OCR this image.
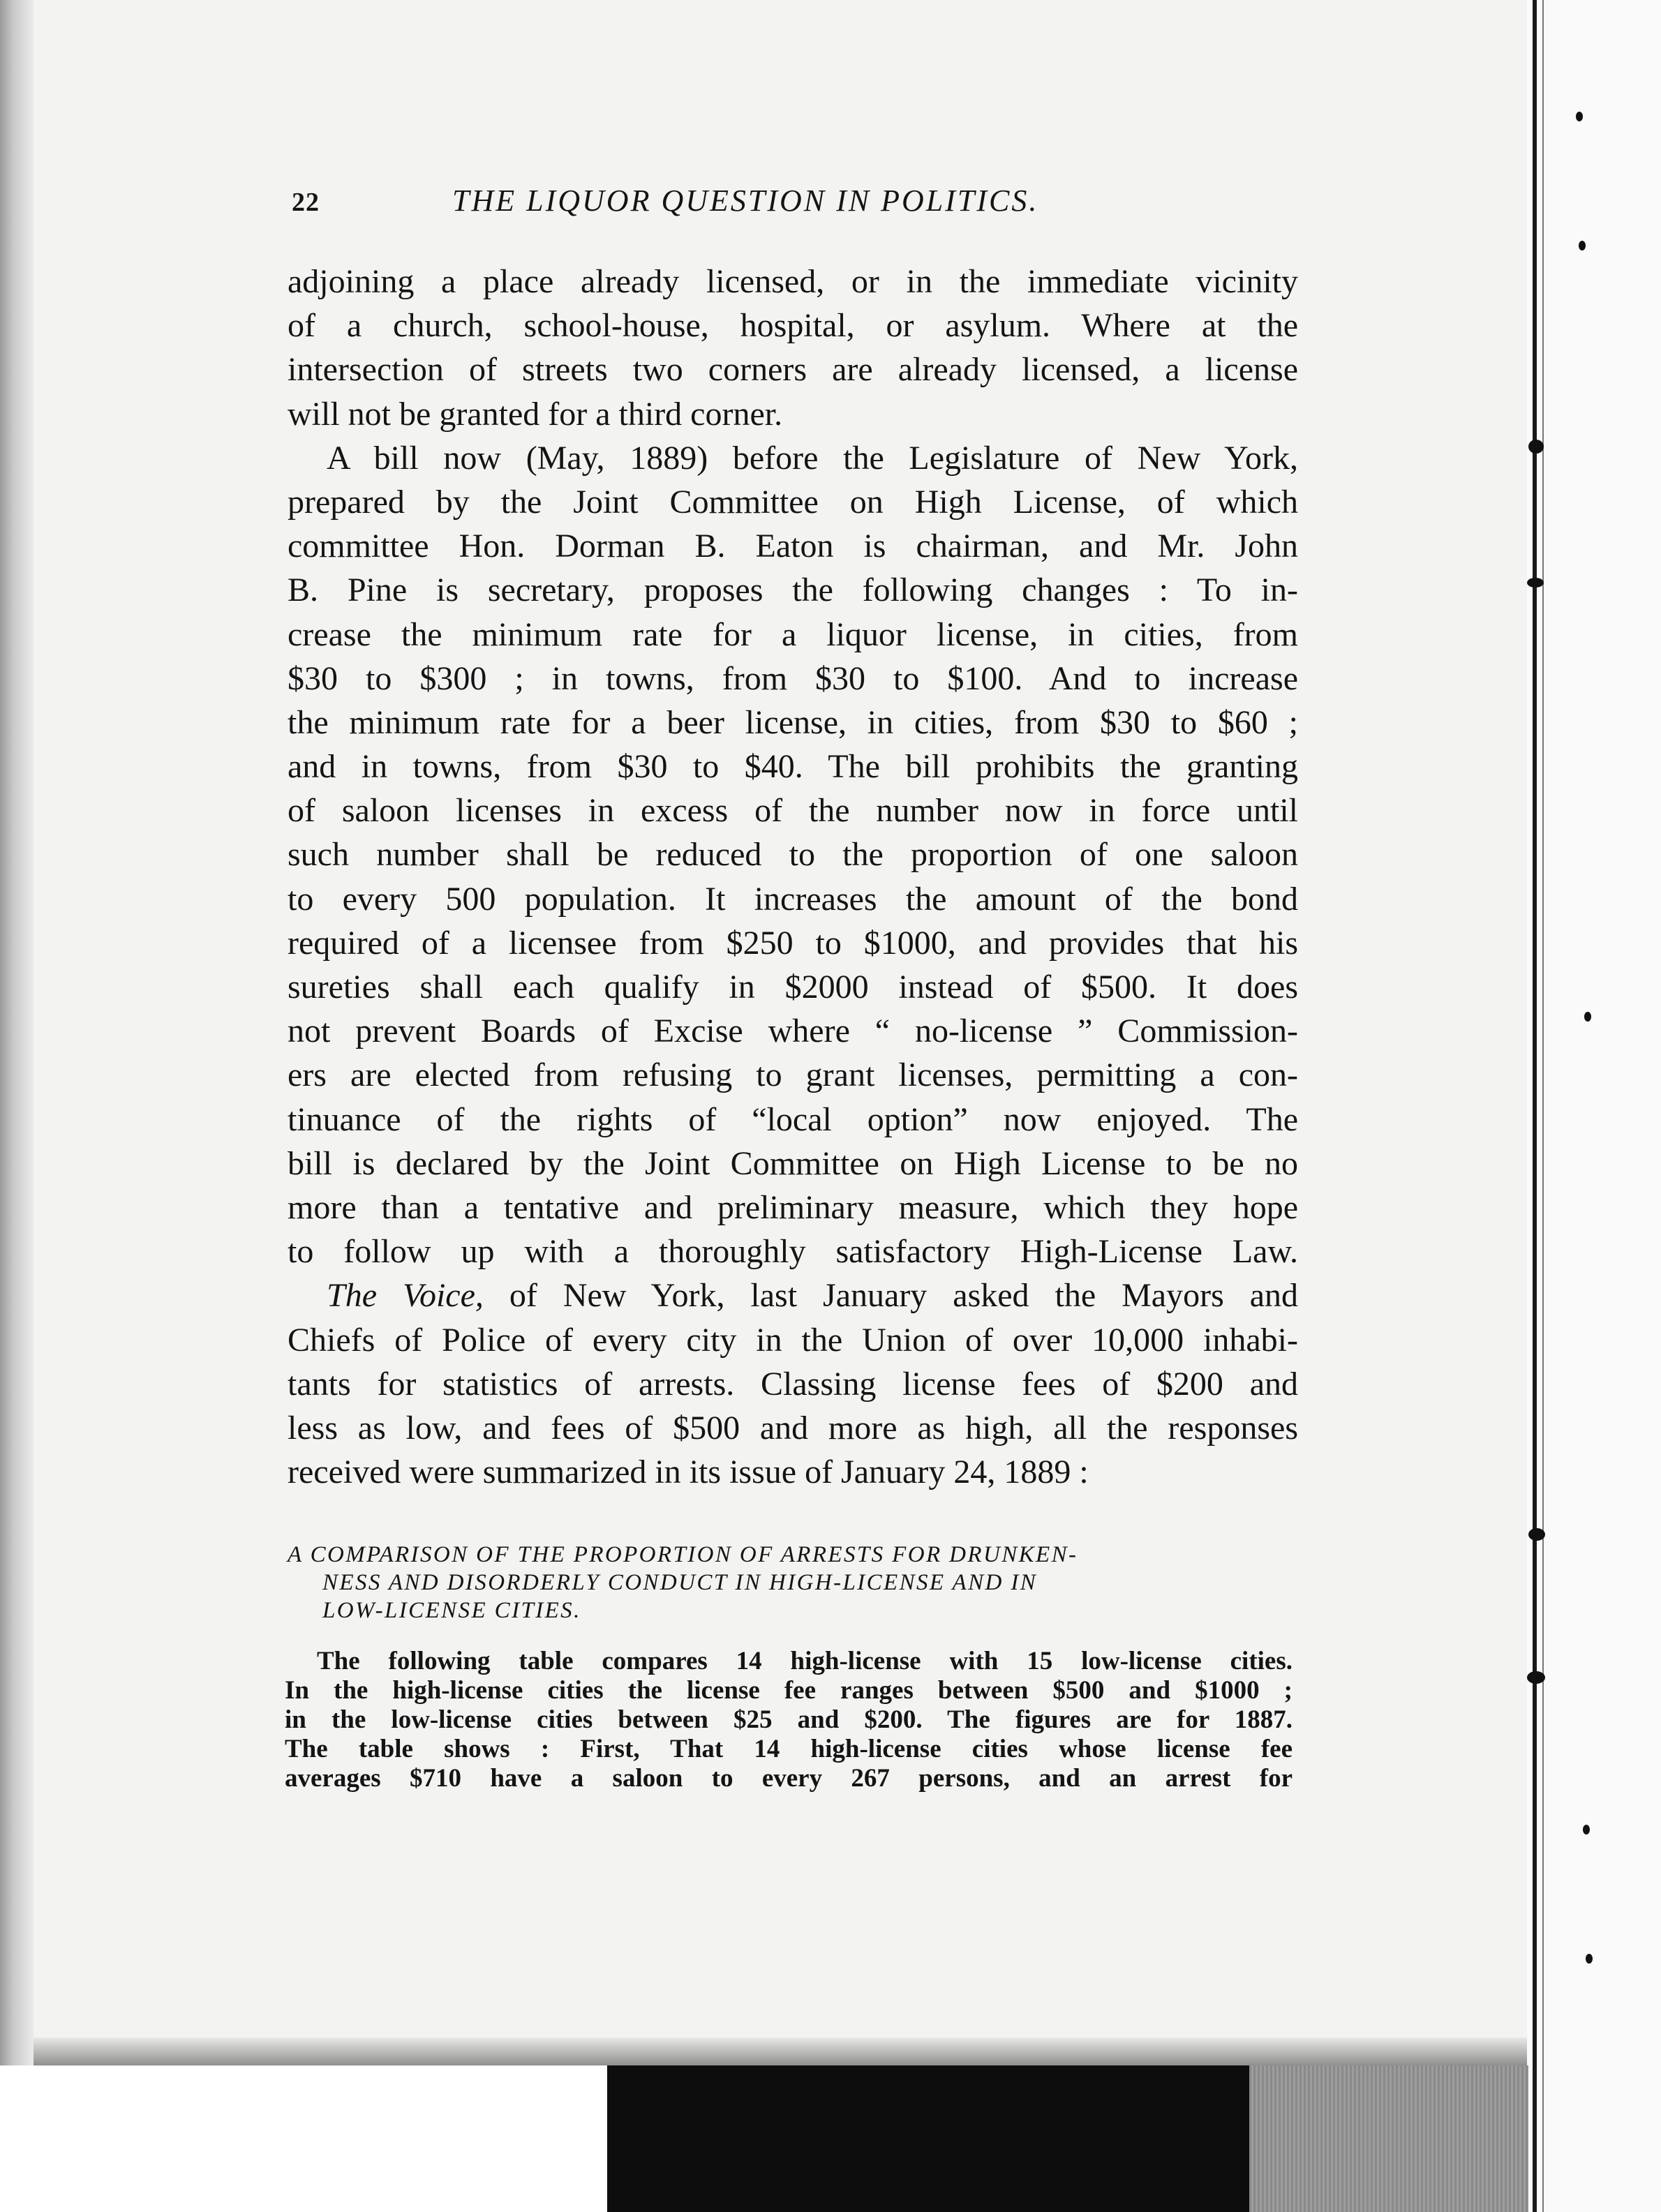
22	THE LIQUOR QUESTION IN POLITICS.
adjoining a place already licensed, or in the immediate vicinity
of a church, school-house, hospital, or asylum. Where at the
intersection of streets two corners are already licensed, a license
will not be granted for a third corner.
A bill now (May, 1889) before the Legislature of New York,
prepared by the Joint Committee on High License, of which
committee Hon. Dorman B. Eaton is chairman, and Mr. John
B. Pine is secretary, proposes the following changes : To in-
crease the minimum rate for a liquor license, in cities, from
$30 to $300 ; in towns, from $30 to $100. And to increase
the minimum rate for a beer license, in cities, from $30 to $60 ;
and in towns, from $30 to $40. The bill prohibits the granting
of saloon licenses in excess of the number now in force until
such number shall be reduced to the proportion of one saloon
to every 500 population. It increases the amount of the bond
required of a licensee from $250 to $1000, and provides that his
sureties shall each qualify in $2000 instead of $500. It does
not prevent Boards of Excise where “ no-license ” Commission-
ers are elected from refusing to grant licenses, permitting a con-
tinuance of the rights of “local option” now enjoyed. The
bill is declared by the Joint Committee on High License to be no
more than a tentative and preliminary measure, which they hope
to follow up with a thoroughly satisfactory High-License Law.
The Voice, of New York, last January asked the Mayors and
Chiefs of Police of every city in the Union of over 10,000 inhabi-
tants for statistics of arrests. Classing license fees of $200 and
less as low, and fees of $500 and more as high, all the responses
received were summarized in its issue of January 24, 1889 :
A COMPARISON OF THE PROPORTION OF ARRESTS FOR DRUNKEN-
NESS AND DISORDERLY CONDUCT IN HIGH-LICENSE AND IN
LOW-LICENSE CITIES.
The following table compares 14 high-license with 15 low-license cities.
In the high-license cities the license fee ranges between $500 and $1000 ;
in the low-license cities between $25 and $200. The figures are for 1887.
The table shows : First, That 14 high-license cities whose license fee
averages $710 have a saloon to every 267 persons, and an arrest for
